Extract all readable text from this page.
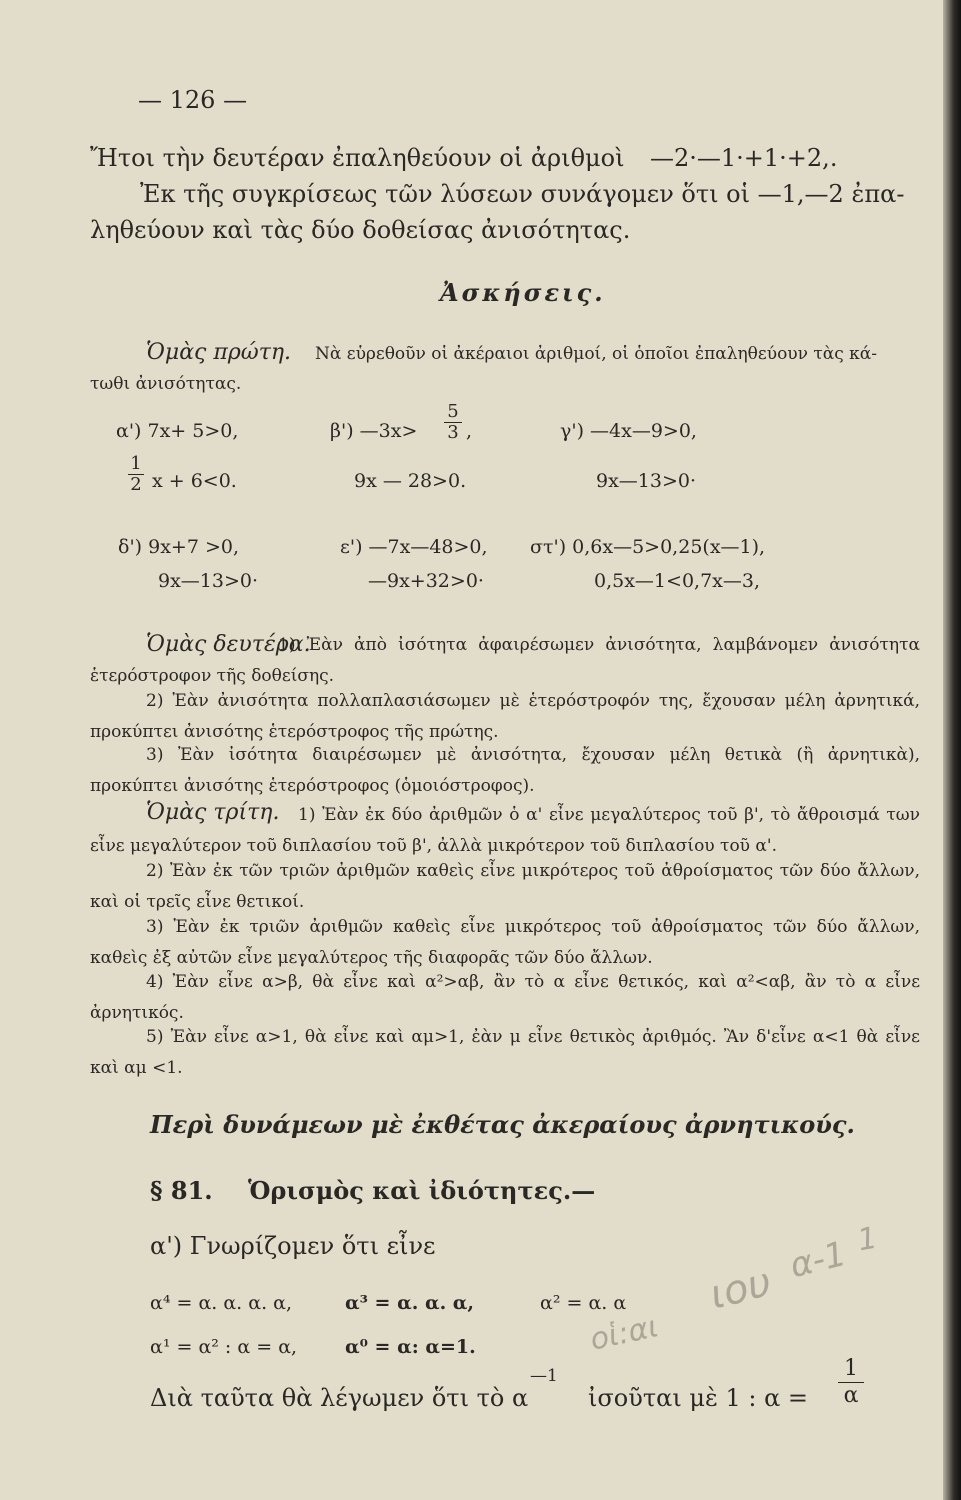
— 126 —
Ἤτοι τὴν δευτέραν ἐπαληθεύουν οἱ ἀριθμοὶ —2·—1·+1·+2,.
Ἐκ τῆς συγκρίσεως τῶν λύσεων συνάγομεν ὅτι οἱ —1,—2 ἐπα-
ληθεύουν καὶ τὰς δύο δοθείσας ἀνισότητας.
Ἀσκήσεις.
Ὁμὰς πρώτη. Νὰ εὑρεθοῦν οἱ ἀκέραιοι ἀριθμοί, οἱ ὁποῖοι ἐπαληθεύουν τὰς κά-
τωθι ἀνισότητας.
α') 7x+ 5>0,	β') —3x>
5
3 ,	γ') —4x—9>0,
1
2 x + 6<0.	9x — 28>0.	9x—13>0·
δ') 9x+7 >0,	ε') —7x—48>0, στ') 0,6x—5>0,25(x—1),
9x—13>0·	—9x+32>0·	0,5x—1<0,7x—3,
Ὁμὰς δευτέρα.
1) Ἐὰν ἀπὸ ἰσότητα ἀφαιρέσωμεν ἀνισότητα, λαμβάνομεν ἀνισότητα ἑτερόστροφον τῆς δοθείσης.
2) Ἐὰν ἀνισότητα πολλαπλασιάσωμεν μὲ ἑτερόστροφόν της, ἔχουσαν μέλη ἀρνητικά, προκύπτει ἀνισότης ἑτερόστροφος τῆς πρώτης.
3) Ἐὰν ἰσότητα διαιρέσωμεν μὲ ἀνισότητα, ἔχουσαν μέλη θετικὰ (ἢ ἀρνητικὰ), προκύπτει ἀνισότης ἑτερόστροφος (ὁμοιόστροφος).
Ὁμὰς τρίτη.	1) Ἐὰν ἐκ δύο ἀριθμῶν ὁ α' εἶνε μεγαλύτερος τοῦ β', τὸ ἄθροισμά των εἶνε μεγαλύτερον τοῦ διπλασίου τοῦ β', ἀλλὰ μικρότερον τοῦ διπλασίου τοῦ α'.
2) Ἐὰν ἐκ τῶν τριῶν ἀριθμῶν καθεὶς εἶνε μικρότερος τοῦ ἀθροίσματος τῶν δύο ἄλλων, καὶ οἱ τρεῖς εἶνε θετικοί.
3) Ἐὰν ἐκ τριῶν ἀριθμῶν καθεὶς εἶνε μικρότερος τοῦ ἀθροίσματος τῶν δύο ἄλλων, καθεὶς ἐξ αὐτῶν εἶνε μεγαλύτερος τῆς διαφορᾶς τῶν δύο ἄλλων.
4) Ἐὰν εἶνε α>β, θὰ εἶνε καὶ α²>αβ, ἂν τὸ α εἶνε θετικός, καὶ α²<αβ, ἂν τὸ α εἶνε ἀρνητικός.
5) Ἐὰν εἶνε α>1, θὰ εἶνε καὶ αμ>1, ἐὰν μ εἶνε θετικὸς ἀριθμός. Ἂν δ'εἶνε α<1 θὰ εἶνε καὶ αμ <1.
Περὶ δυνάμεων μὲ ἐκθέτας ἀκεραίους ἀρνητικούς.
§ 81. Ὁρισμὸς καὶ ἰδιότητες.—
α') Γνωρίζομεν ὅτι εἶνε
α⁴ = α. α. α. α,	α³ = α. α. α,	α² = α. α
α¹ = α² : α = α,	α⁰ = α: α=1.
Διὰ ταῦτα θὰ λέγωμεν ὅτι τὸ α
—1
ἰσοῦται μὲ 1 : α =
1
α
α-1 1
οἱ:αι
ιου
